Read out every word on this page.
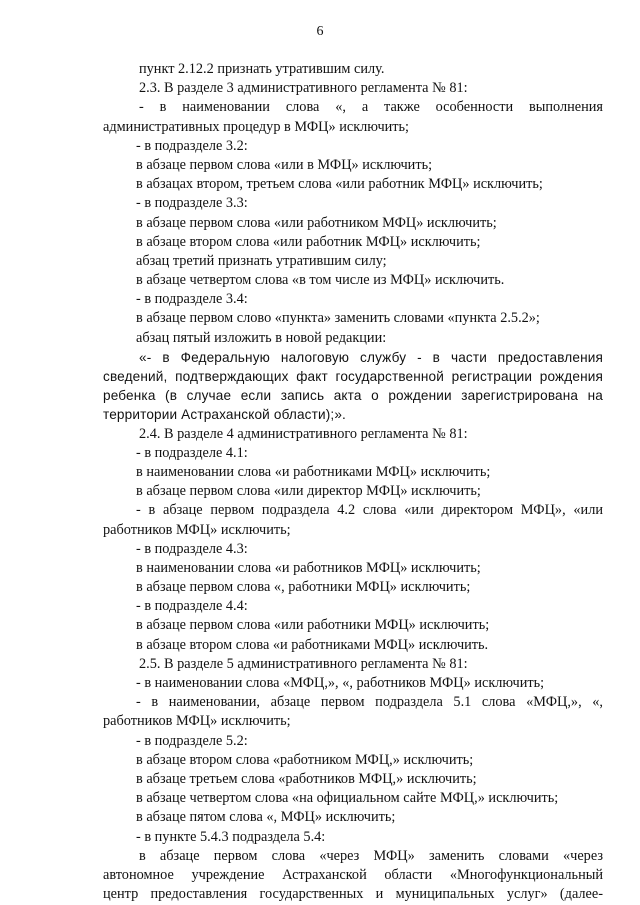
6
пункт 2.12.2 признать утратившим силу.
2.3. В разделе 3 административного регламента № 81:
- в наименовании слова «, а также особенности выполнения
административных процедур в МФЦ» исключить;
- в подразделе 3.2:
в абзаце первом слова «или в МФЦ» исключить;
в абзацах втором, третьем слова «или работник МФЦ» исключить;
- в подразделе 3.3:
в абзаце первом слова «или работником МФЦ» исключить;
в абзаце втором слова «или работник МФЦ» исключить;
абзац третий признать утратившим силу;
в абзаце четвертом слова «в том числе из МФЦ» исключить.
- в подразделе 3.4:
в абзаце первом слово «пункта» заменить словами «пункта 2.5.2»;
абзац пятый изложить в новой редакции:
«- в Федеральную налоговую службу - в части предоставления
сведений, подтверждающих факт государственной регистрации рождения
ребенка (в случае если запись акта о рождении зарегистрирована на
территории Астраханской области);».
2.4. В разделе 4 административного регламента № 81:
- в подразделе 4.1:
в наименовании слова «и работниками МФЦ» исключить;
в абзаце первом слова «или директор МФЦ» исключить;
- в абзаце первом подраздела 4.2 слова «или директором МФЦ», «или
работников МФЦ» исключить;
- в подразделе 4.3:
в наименовании слова «и работников МФЦ» исключить;
в абзаце первом слова «, работники МФЦ» исключить;
- в подразделе 4.4:
в абзаце первом слова «или работники МФЦ» исключить;
в абзаце втором слова «и работниками МФЦ» исключить.
2.5. В разделе 5 административного регламента № 81:
- в наименовании слова «МФЦ,», «, работников МФЦ» исключить;
- в наименовании, абзаце первом подраздела 5.1 слова «МФЦ,», «,
работников МФЦ» исключить;
- в подразделе 5.2:
в абзаце втором слова «работником МФЦ,» исключить;
в абзаце третьем слова «работников МФЦ,» исключить;
в абзаце четвертом слова «на официальном сайте МФЦ,» исключить;
в абзаце пятом слова «, МФЦ» исключить;
- в пункте 5.4.3 подраздела 5.4:
в абзаце первом слова «через МФЦ» заменить словами «через
автономное учреждение Астраханской области «Многофункциональный
центр предоставления государственных и муниципальных услуг» (далее-
